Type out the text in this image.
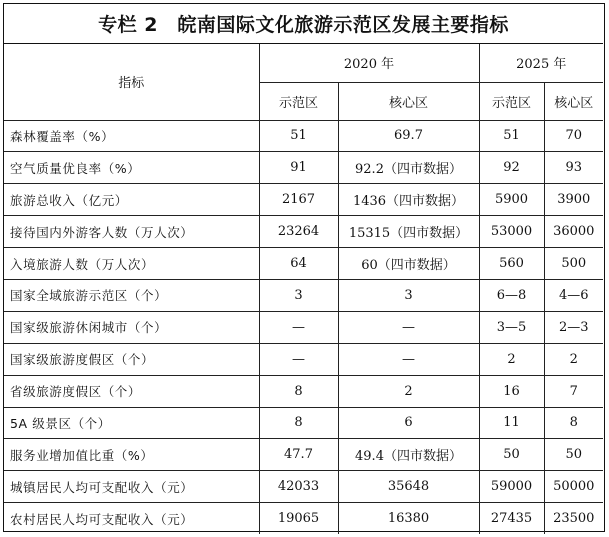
专栏 2　皖南国际文化旅游示范区发展主要指标
指标	2020 年		2025 年	
	示范区	核心区	示范区	核心区
森林覆盖率（%）	51	69.7	51	70
空气质量优良率（%）	91	92.2（四市数据）	92	93
旅游总收入（亿元）	2167	1436（四市数据）	5900	3900
接待国内外游客人数（万人次）	23264	15315（四市数据）	53000	36000
入境旅游人数（万人次）	64	60（四市数据）	560	500
国家全域旅游示范区（个）	3	3	6—8	4—6
国家级旅游休闲城市（个）	—	—	3—5	2—3
国家级旅游度假区（个）	—	—	2	2
省级旅游度假区（个）	8	2	16	7
5A 级景区（个）	8	6	11	8
服务业增加值比重（%）	47.7	49.4（四市数据）	50	50
城镇居民人均可支配收入（元）	42033	35648	59000	50000
农村居民人均可支配收入（元）	19065	16380	27435	23500
